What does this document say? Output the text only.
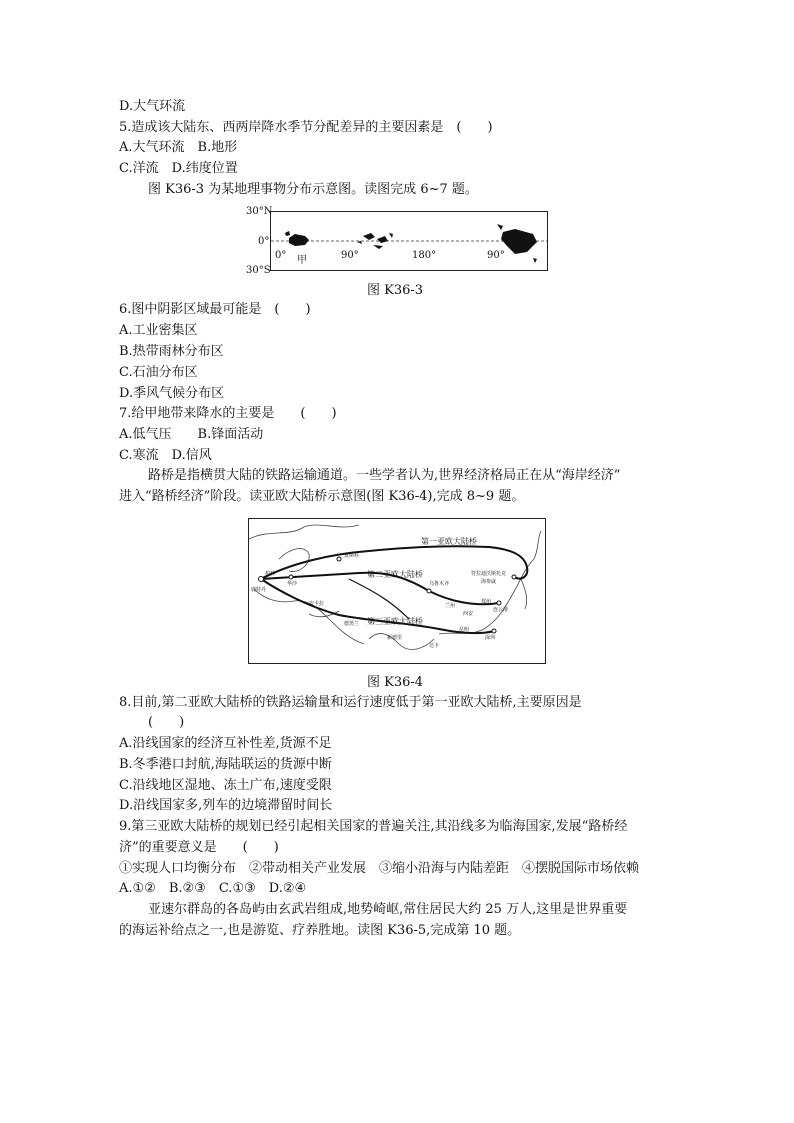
D.大气环流
5.造成该大陆东、西两岸降水季节分配差异的主要因素是　(　　)
A.大气环流　B.地形
C.洋流　D.纬度位置
图 K36-3 为某地理事物分布示意图。读图完成 6~7 题。
30°N
0°
30°S
0°	90°	180°	90°
甲
图 K36-3
6.图中阴影区域最可能是　(　　)
A.工业密集区
B.热带雨林分布区
C.石油分布区
D.季风气候分布区
7.给甲地带来降水的主要是　　(　　)
A.低气压　　B.锋面活动
C.寒流　D.信风
路桥是指横贯大陆的铁路运输通道。一些学者认为,世界经济格局正在从“海岸经济”
进入“路桥经济”阶段。读亚欧大陆桥示意图(图 K36-4),完成 8~9 题。
第一亚欧大陆桥
第二亚欧大陆桥
第三亚欧大陆桥
莫斯科
鹿特丹
柏林
华沙
安卡拉
德黑兰
新德里
达卡
乌鲁木齐
兰州
西安
郑州
连云港
符拉迪沃斯托克
海参崴
昆明
深圳
图 K36-4
8.目前,第二亚欧大陆桥的铁路运输量和运行速度低于第一亚欧大陆桥,主要原因是
(　　)
A.沿线国家的经济互补性差,货源不足
B.冬季港口封航,海陆联运的货源中断
C.沿线地区湿地、冻土广布,速度受限
D.沿线国家多,列车的边境滞留时间长
9.第三亚欧大陆桥的规划已经引起相关国家的普遍关注,其沿线多为临海国家,发展“路桥经
济”的重要意义是　　(　　)
①实现人口均衡分布　②带动相关产业发展　③缩小沿海与内陆差距　④摆脱国际市场依赖
A.①②　B.②③　C.①③　D.②④
亚速尔群岛的各岛屿由玄武岩组成,地势崎岖,常住居民大约 25 万人,这里是世界重要
的海运补给点之一,也是游览、疗养胜地。读图 K36-5,完成第 10 题。
